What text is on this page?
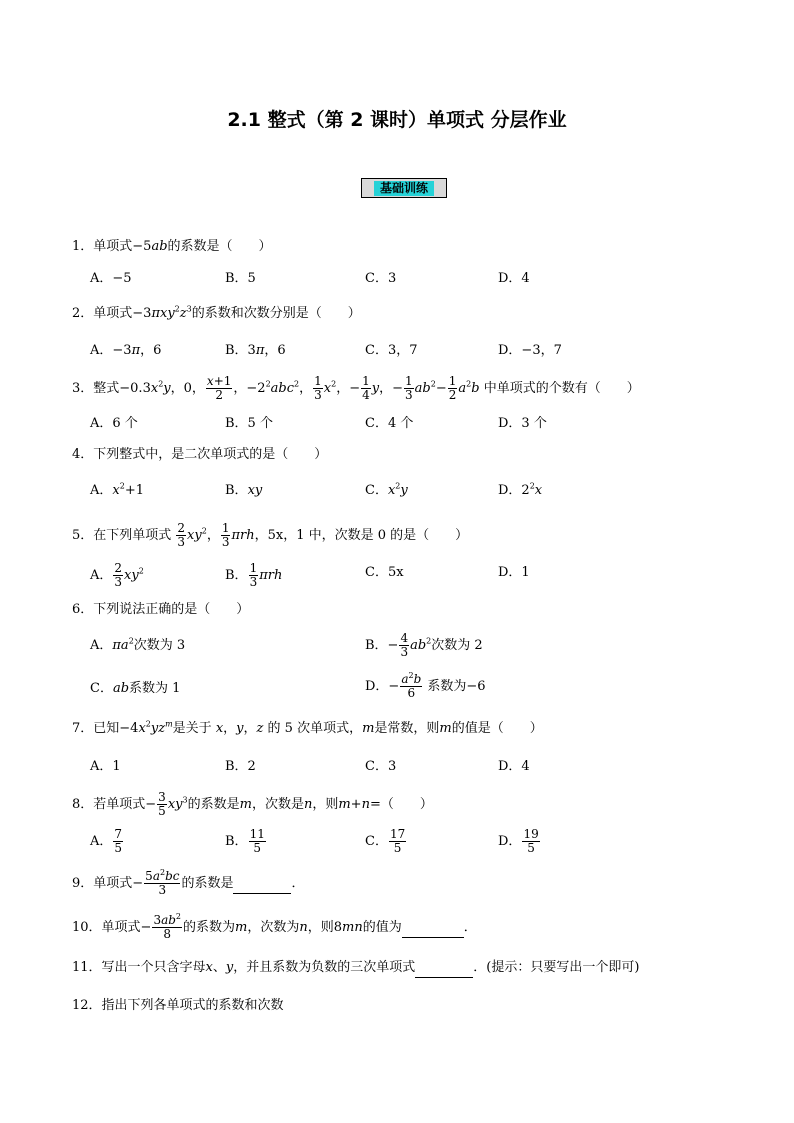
2.1 整式（第 2 课时）单项式 分层作业
基础训练
1．单项式−5ab的系数是（　　）
A．−5	B．5	C．3	D．4
2．单项式$-3\pi xy^2z^3$的系数和次数分别是（　　）
A．−3π，6	B．3π，6	C．3，7	D．−3，7
3．整式$-0.3x^2y$，0， $\frac{x+1}{2}$ ，$-2^2abc^2$， $\frac{1}{3} x^2$，− $\frac{1}{4}$ y，− $\frac{1}{3} ab^2- \frac{1}{2} a^2b$ 中单项式的个数有（　　）
A．6 个	B．5 个	C．4 个	D．3 个
4．下列整式中，是二次单项式的是（　　）
A．$x^2+1$	B．xy	C．$x^2y$	D．$2^2x$
5．在下列单项式 $\frac{2}{3} xy^2$， $\frac{1}{3}$ πrh，5x，1 中，次数是 0 的是（　　）
A． $\frac{2}{3} xy^2$	B． $\frac{1}{3}$ πrh	C．5x	D．1
6．下列说法正确的是（　　）
A．$\pi a^2$次数为 3	B．− $\frac{4}{3} ab^2$次数为 2
C．ab系数为 1	D．− $\frac{a^2b}{6}$ 系数为−6
7．已知$-4x^2yz^m$是关于 x，y，z 的 5 次单项式，m是常数，则m的值是（　　）
A．1	B．2	C．3	D．4
8．若单项式− $\frac{3}{5} xy^3$的系数是m，次数是n，则m+n=（　　）
A． $\frac{7}{5}$	B． $\frac{11}{5}$	C． $\frac{17}{5}$	D． $\frac{19}{5}$
9．单项式− $\frac{5a^2bc}{3}$ 的系数是	．
10．单项式− $\frac{3ab^2}{8}$ 的系数为m，次数为n，则8mn的值为	．
11．写出一个只含字母x、y，并且系数为负数的三次单项式	．(提示：只要写出一个即可)
12．指出下列各单项式的系数和次数
